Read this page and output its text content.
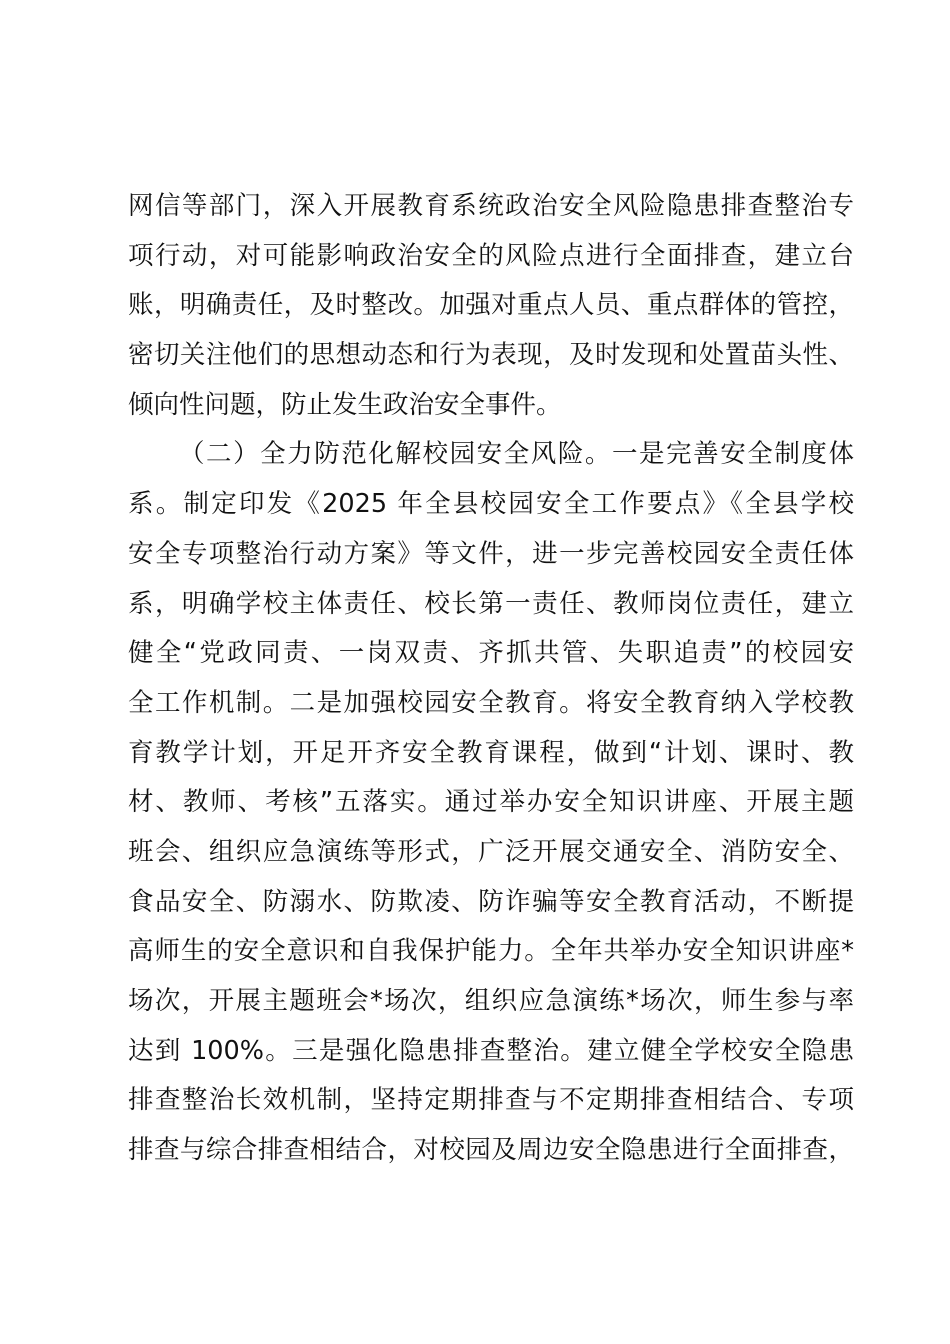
网信等部门，深入开展教育系统政治安全风险隐患排查整治专
项行动，对可能影响政治安全的风险点进行全面排查，建立台
账，明确责任，及时整改。加强对重点人员、重点群体的管控，
密切关注他们的思想动态和行为表现，及时发现和处置苗头性、
倾向性问题，防止发生政治安全事件。
（二）全力防范化解校园安全风险。一是完善安全制度体
系。制定印发《2025 年全县校园安全工作要点》《全县学校
安全专项整治行动方案》等文件，进一步完善校园安全责任体
系，明确学校主体责任、校长第一责任、教师岗位责任，建立
健全“党政同责、一岗双责、齐抓共管、失职追责”的校园安
全工作机制。二是加强校园安全教育。将安全教育纳入学校教
育教学计划，开足开齐安全教育课程，做到“计划、课时、教
材、教师、考核”五落实。通过举办安全知识讲座、开展主题
班会、组织应急演练等形式，广泛开展交通安全、消防安全、
食品安全、防溺水、防欺凌、防诈骗等安全教育活动，不断提
高师生的安全意识和自我保护能力。全年共举办安全知识讲座*
场次，开展主题班会*场次，组织应急演练*场次，师生参与率
达到 100%。三是强化隐患排查整治。建立健全学校安全隐患
排查整治长效机制，坚持定期排查与不定期排查相结合、专项
排查与综合排查相结合，对校园及周边安全隐患进行全面排查，
